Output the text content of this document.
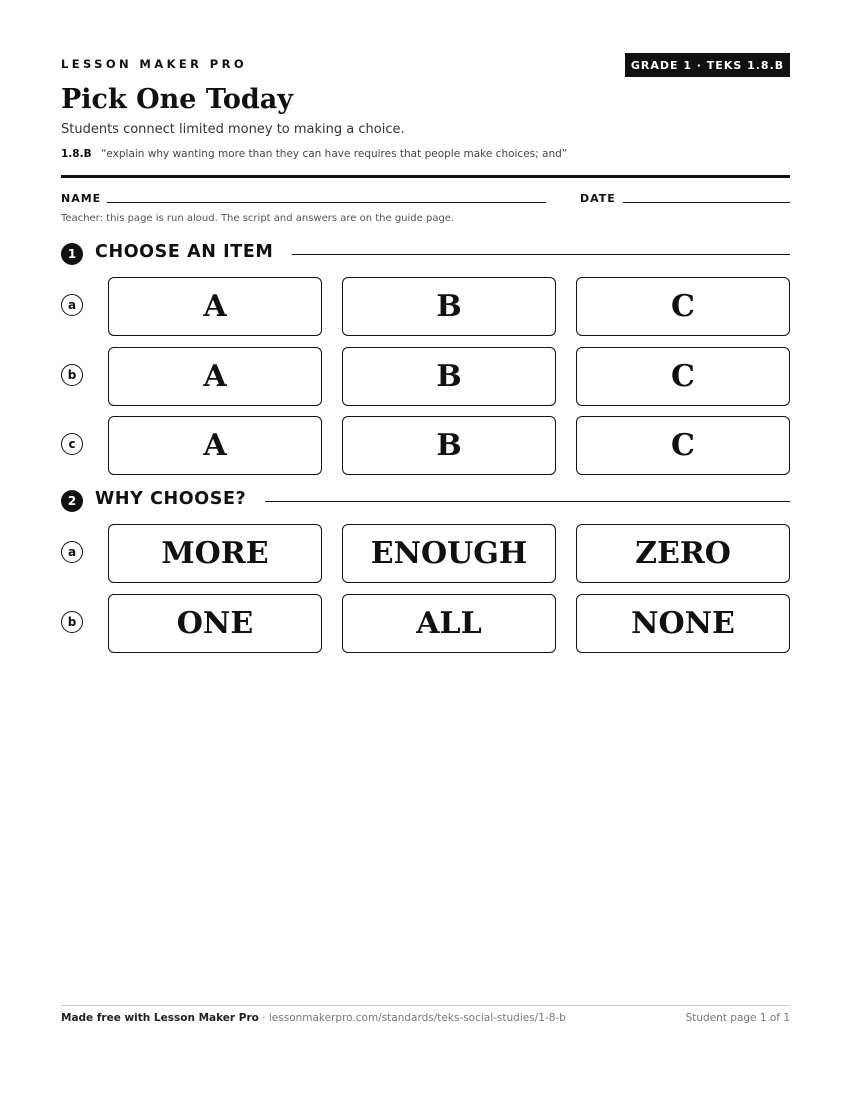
LESSON MAKER PRO	GRADE 1 · TEKS 1.8.B
Pick One Today
Students connect limited money to making a choice.
1.8.B “explain why wanting more than they can have requires that people make choices; and”
NAME	DATE
Teacher: this page is run aloud. The script and answers are on the guide page.
1	CHOOSE AN ITEM
a	A	B	C
b	A	B	C
c	A	B	C
2	WHY CHOOSE?
a	MORE	ENOUGH	ZERO
b	ONE	ALL	NONE
Made free with Lesson Maker Pro · lessonmakerpro.com/standards/teks-social-studies/1-8-b	Student page 1 of 1
